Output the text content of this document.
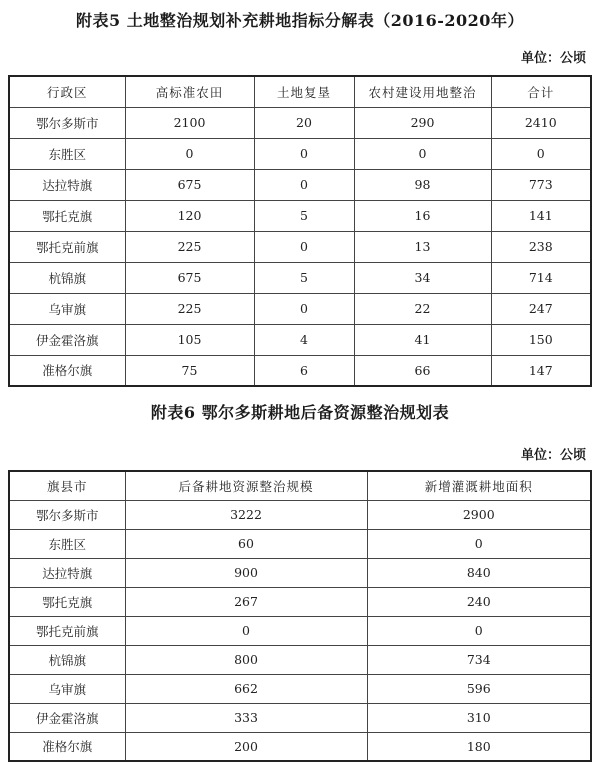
附表5 土地整治规划补充耕地指标分解表（2016-2020年）
单位：公顷
行政区	高标准农田	土地复垦	农村建设用地整治	合计
鄂尔多斯市	2100	20	290	2410
东胜区	0	0	0	0
达拉特旗	675	0	98	773
鄂托克旗	120	5	16	141
鄂托克前旗	225	0	13	238
杭锦旗	675	5	34	714
乌审旗	225	0	22	247
伊金霍洛旗	105	4	41	150
准格尔旗	75	6	66	147
附表6 鄂尔多斯耕地后备资源整治规划表
单位：公顷
旗县市	后备耕地资源整治规模	新增灌溉耕地面积
鄂尔多斯市	3222	2900
东胜区	60	0
达拉特旗	900	840
鄂托克旗	267	240
鄂托克前旗	0	0
杭锦旗	800	734
乌审旗	662	596
伊金霍洛旗	333	310
准格尔旗	200	180
